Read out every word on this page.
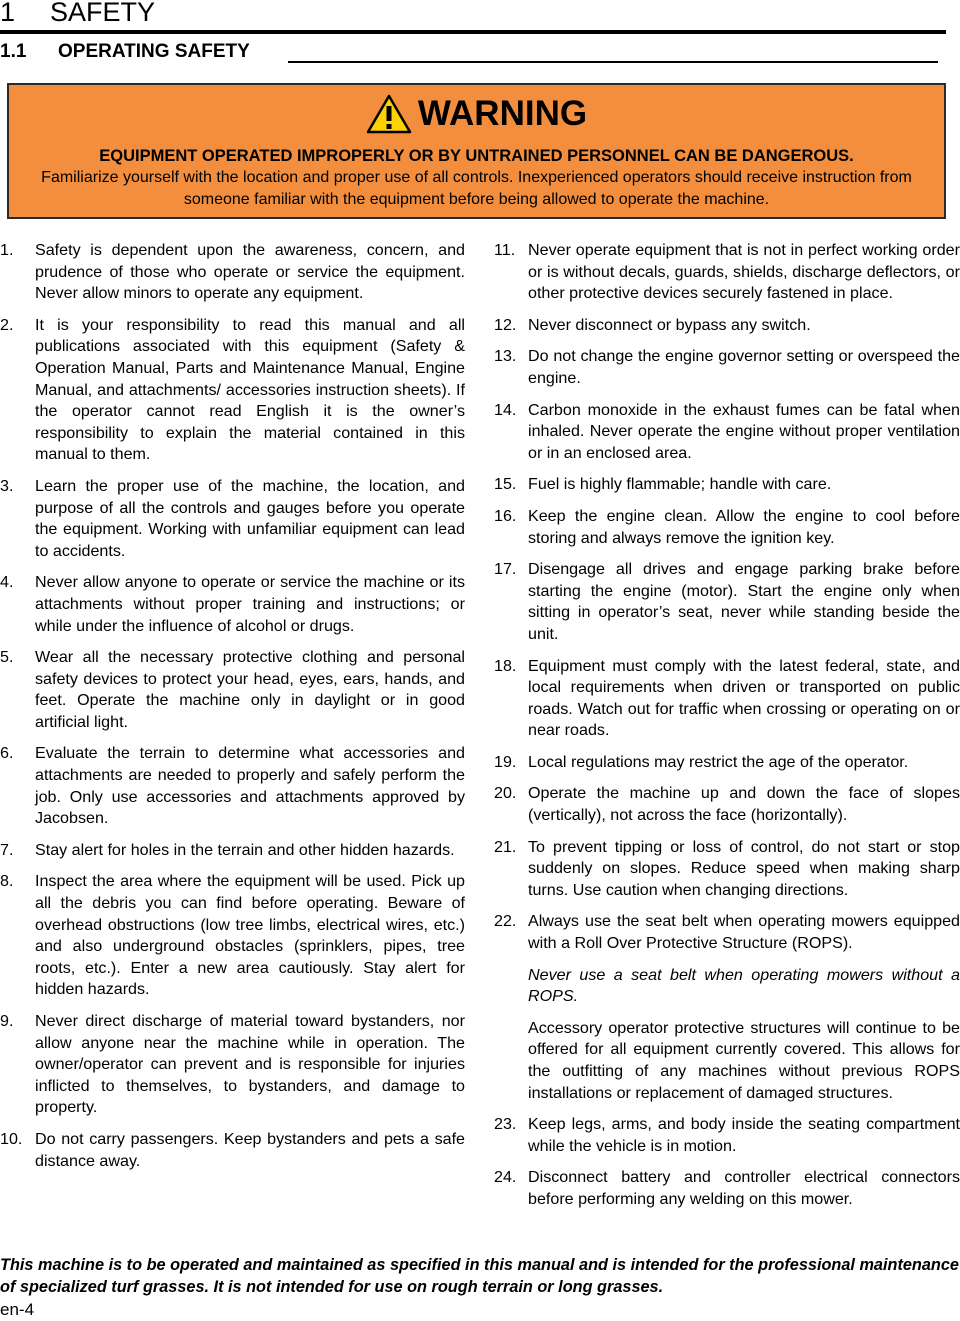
1 SAFETY
1.1 OPERATING SAFETY
WARNING
EQUIPMENT OPERATED IMPROPERLY OR BY UNTRAINED PERSONNEL CAN BE DANGEROUS.
Familiarize yourself with the location and proper use of all controls. Inexperienced operators should receive instruction from someone familiar with the equipment before being allowed to operate the machine.
1. Safety is dependent upon the awareness, concern, and prudence of those who operate or service the equipment. Never allow minors to operate any equipment.
2. It is your responsibility to read this manual and all publications associated with this equipment (Safety & Operation Manual, Parts and Maintenance Manual, Engine Manual, and attachments/ accessories instruction sheets). If the operator cannot read English it is the owner’s responsibility to explain the material contained in this manual to them.
3. Learn the proper use of the machine, the location, and purpose of all the controls and gauges before you operate the equipment. Working with unfamiliar equipment can lead to accidents.
4. Never allow anyone to operate or service the machine or its attachments without proper training and instructions; or while under the influence of alcohol or drugs.
5. Wear all the necessary protective clothing and personal safety devices to protect your head, eyes, ears, hands, and feet. Operate the machine only in daylight or in good artificial light.
6. Evaluate the terrain to determine what accessories and attachments are needed to properly and safely perform the job. Only use accessories and attachments approved by Jacobsen.
7. Stay alert for holes in the terrain and other hidden hazards.
8. Inspect the area where the equipment will be used. Pick up all the debris you can find before operating. Beware of overhead obstructions (low tree limbs, electrical wires, etc.) and also underground obstacles (sprinklers, pipes, tree roots, etc.). Enter a new area cautiously. Stay alert for hidden hazards.
9. Never direct discharge of material toward bystanders, nor allow anyone near the machine while in operation. The owner/operator can prevent and is responsible for injuries inflicted to themselves, to bystanders, and damage to property.
10. Do not carry passengers. Keep bystanders and pets a safe distance away.
11. Never operate equipment that is not in perfect working order or is without decals, guards, shields, discharge deflectors, or other protective devices securely fastened in place.
12. Never disconnect or bypass any switch.
13. Do not change the engine governor setting or overspeed the engine.
14. Carbon monoxide in the exhaust fumes can be fatal when inhaled. Never operate the engine without proper ventilation or in an enclosed area.
15. Fuel is highly flammable; handle with care.
16. Keep the engine clean. Allow the engine to cool before storing and always remove the ignition key.
17. Disengage all drives and engage parking brake before starting the engine (motor). Start the engine only when sitting in operator’s seat, never while standing beside the unit.
18. Equipment must comply with the latest federal, state, and local requirements when driven or transported on public roads. Watch out for traffic when crossing or operating on or near roads.
19. Local regulations may restrict the age of the operator.
20. Operate the machine up and down the face of slopes (vertically), not across the face (horizontally).
21. To prevent tipping or loss of control, do not start or stop suddenly on slopes. Reduce speed when making sharp turns. Use caution when changing directions.
22. Always use the seat belt when operating mowers equipped with a Roll Over Protective Structure (ROPS).
Never use a seat belt when operating mowers without a ROPS.
Accessory operator protective structures will continue to be offered for all equipment currently covered. This allows for the outfitting of any machines without previous ROPS installations or replacement of damaged structures.
23. Keep legs, arms, and body inside the seating compartment while the vehicle is in motion.
24. Disconnect battery and controller electrical connectors before performing any welding on this mower.
This machine is to be operated and maintained as specified in this manual and is intended for the professional maintenance of specialized turf grasses. It is not intended for use on rough terrain or long grasses.
en-4
